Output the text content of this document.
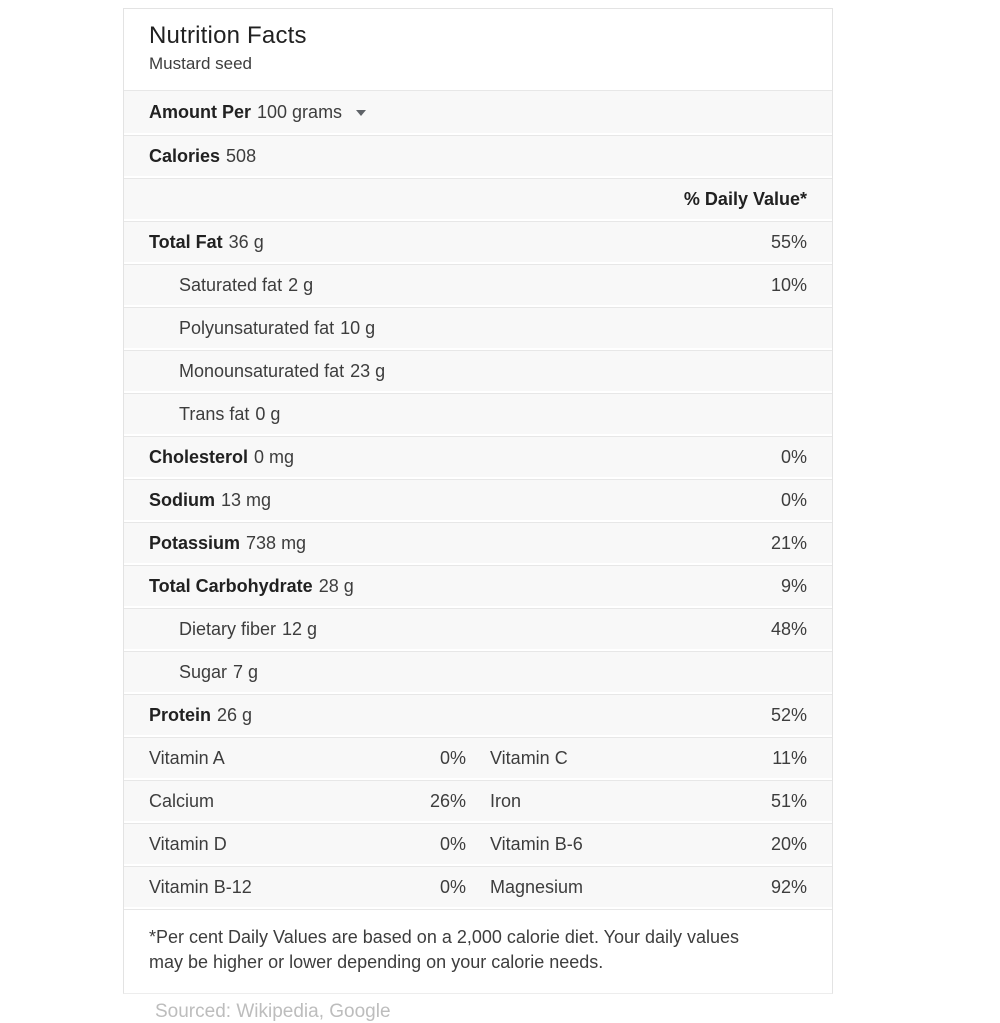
Nutrition Facts
Mustard seed
Amount Per 100 grams
Calories 508
% Daily Value*
Total Fat 36 g	55%
Saturated fat 2 g	10%
Polyunsaturated fat 10 g
Monounsaturated fat 23 g
Trans fat 0 g
Cholesterol 0 mg	0%
Sodium 13 mg	0%
Potassium 738 mg	21%
Total Carbohydrate 28 g	9%
Dietary fiber 12 g	48%
Sugar 7 g
Protein 26 g	52%
Vitamin A	0% Vitamin C	11%
Calcium	26% Iron	51%
Vitamin D	0% Vitamin B-6	20%
Vitamin B-12	0% Magnesium	92%
*Per cent Daily Values are based on a 2,000 calorie diet. Your daily values may be higher or lower depending on your calorie needs.
Sourced: Wikipedia, Google
